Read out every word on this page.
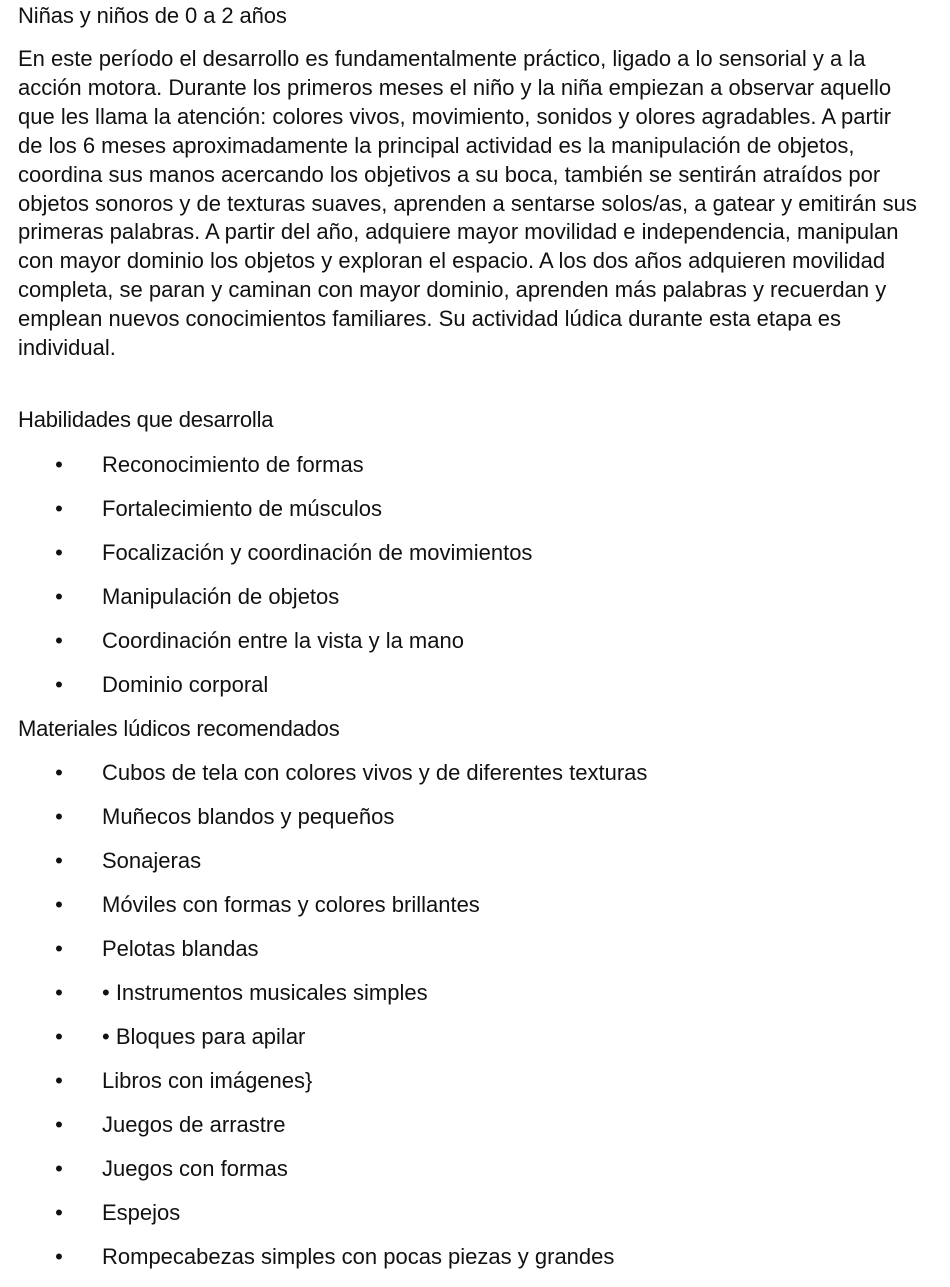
Niñas y niños de 0 a 2 años

En este período el desarrollo es fundamentalmente práctico, ligado a lo sensorial y a la acción motora. Durante los primeros meses el niño y la niña empiezan a observar aquello que les llama la atención: colores vivos, movimiento, sonidos y olores agradables. A partir de los 6 meses aproximadamente la principal actividad es la manipulación de objetos, coordina sus manos acercando los objetivos a su boca, también se sentirán atraídos por objetos sonoros y de texturas suaves, aprenden a sentarse solos/as, a gatear y emitirán sus primeras palabras. A partir del año, adquiere mayor movilidad e independencia, manipulan con mayor dominio los objetos y exploran el espacio. A los dos años adquieren movilidad completa, se paran y caminan con mayor dominio, aprenden más palabras y recuerdan y emplean nuevos conocimientos familiares. Su actividad lúdica durante esta etapa es individual.

Habilidades que desarrolla
• Reconocimiento de formas
• Fortalecimiento de músculos
• Focalización y coordinación de movimientos
• Manipulación de objetos
• Coordinación entre la vista y la mano
• Dominio corporal
Materiales lúdicos recomendados
• Cubos de tela con colores vivos y de diferentes texturas
• Muñecos blandos y pequeños
• Sonajeras
• Móviles con formas y colores brillantes
• Pelotas blandas
• • Instrumentos musicales simples
• • Bloques para apilar
• Libros con imágenes}
• Juegos de arrastre
• Juegos con formas
• Espejos
• Rompecabezas simples con pocas piezas y grandes
